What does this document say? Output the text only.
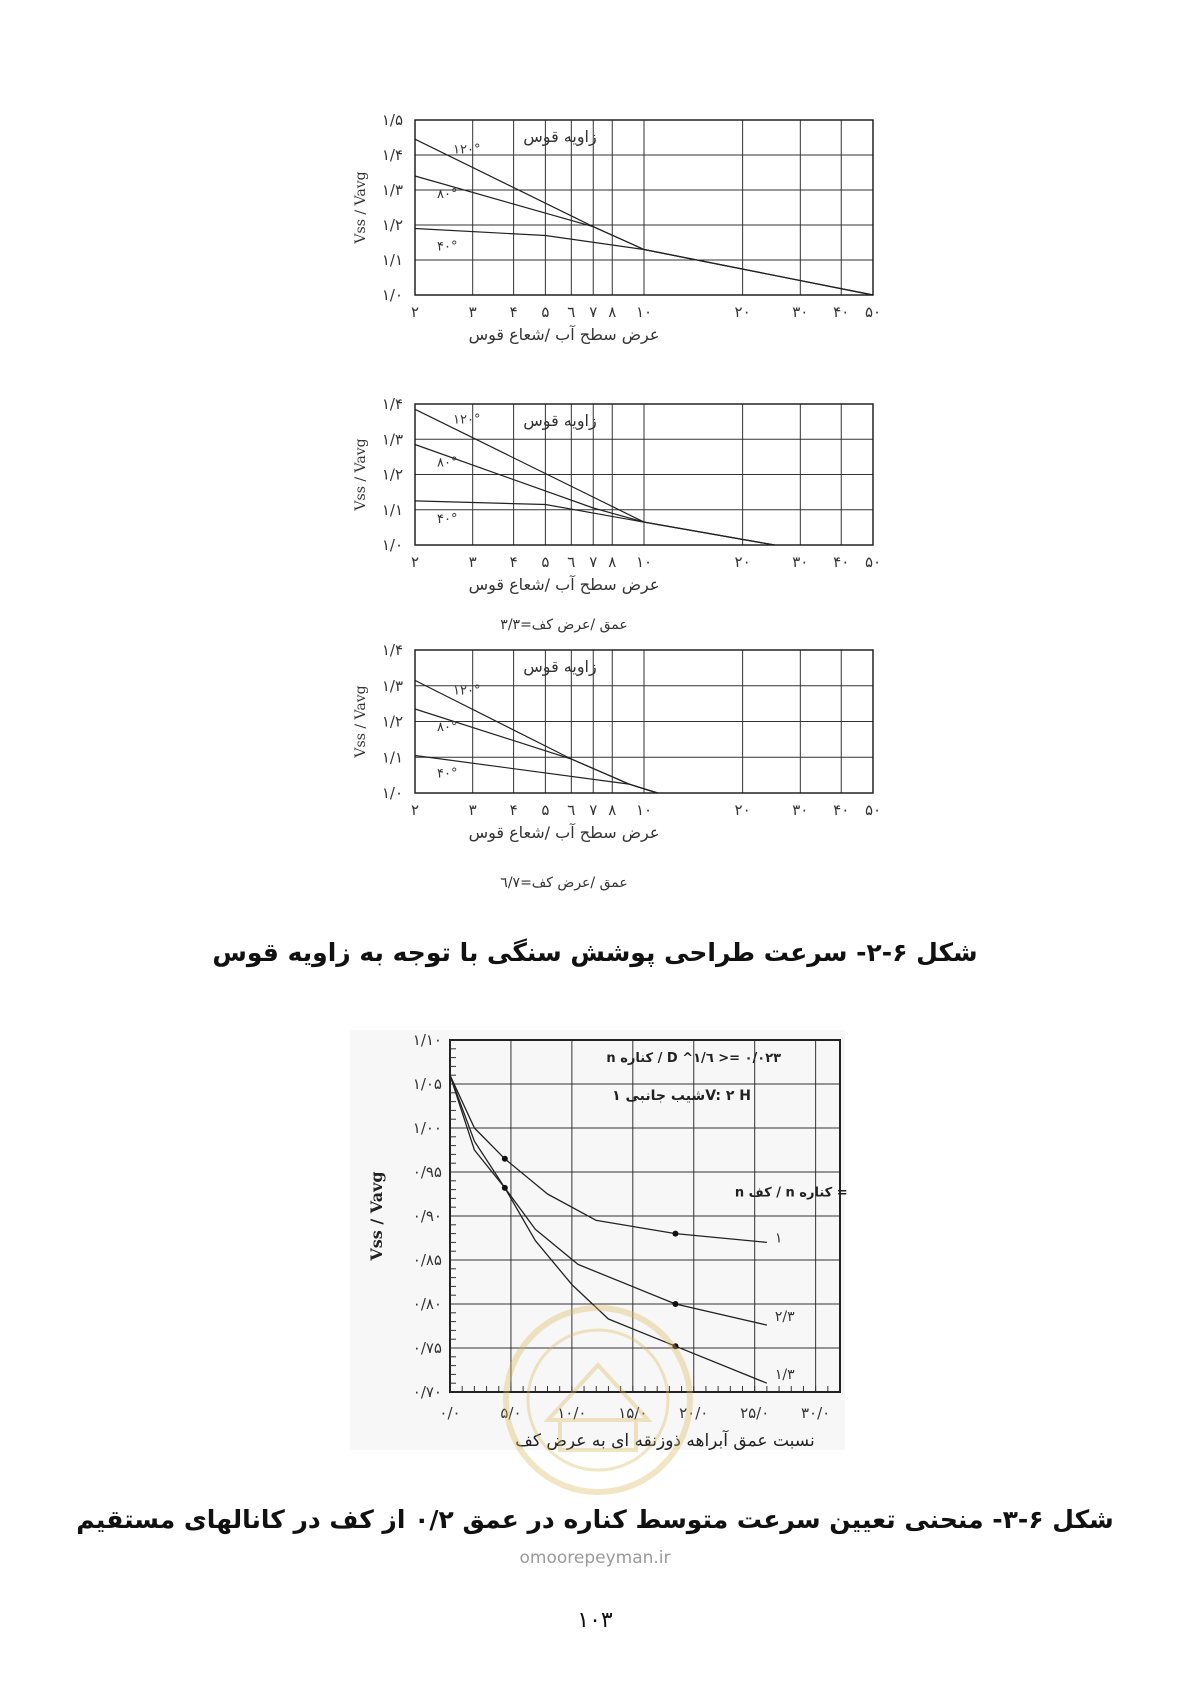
۲	۳ ۴ ۵ ٦ ۷ ۸ ۱۰	۲۰	۳۰ ۴۰ ۵۰
۱/۰
۱/۱
۱/۲
۱/۳
۱/۴
۱/۵
۱۲۰°
۸۰°
۴۰°
زاویه قوس
عرض سطح آب /شعاع قوس
Vss / Vavg
۲	۳ ۴ ۵ ٦ ۷ ۸ ۱۰	۲۰	۳۰ ۴۰ ۵۰
۱/۰
۱/۱
۱/۲
۱/۳
۱/۴
۱۲۰°
۸۰°
۴۰°
زاویه قوس
عرض سطح آب /شعاع قوس
Vss / Vavg
عمق /عرض کف=۳/۳
۲	۳ ۴ ۵ ٦ ۷ ۸ ۱۰	۲۰	۳۰ ۴۰ ۵۰
۱/۰
۱/۱
۱/۲
۱/۳
۱/۴
۱۲۰°
۸۰°
۴۰°
زاویه قوس
عرض سطح آب /شعاع قوس
Vss / Vavg
عمق /عرض کف=٦/۷
۰/۰	۵/۰ ۱۰/۰ ۱۵/۰ ۲۰/۰ ۲۵/۰ ۳۰/۰
۰/۷۰
۰/۷۵
۰/۸۰
۰/۸۵
۰/۹۰
۰/۹۵
۱/۰۰
۱/۰۵
۱/۱۰
۱
۲/۳
۱/۳
n کناره / D ^۱/٦ >= ۰/۰۲۳
شیب جانبی ۱V: ۲ H
n کف / n کناره =
نسبت عمق آبراهه ذوزنقه ای به عرض کف
Vss / Vavg
شکل ۶-۲- سرعت طراحی پوشش سنگی با توجه به زاویه قوس
شکل ۶-۳- منحنی تعیین سرعت متوسط کناره در عمق ۰/۲ از کف در کانالهای مستقیم
omoorepeyman.ir
۱۰۳
